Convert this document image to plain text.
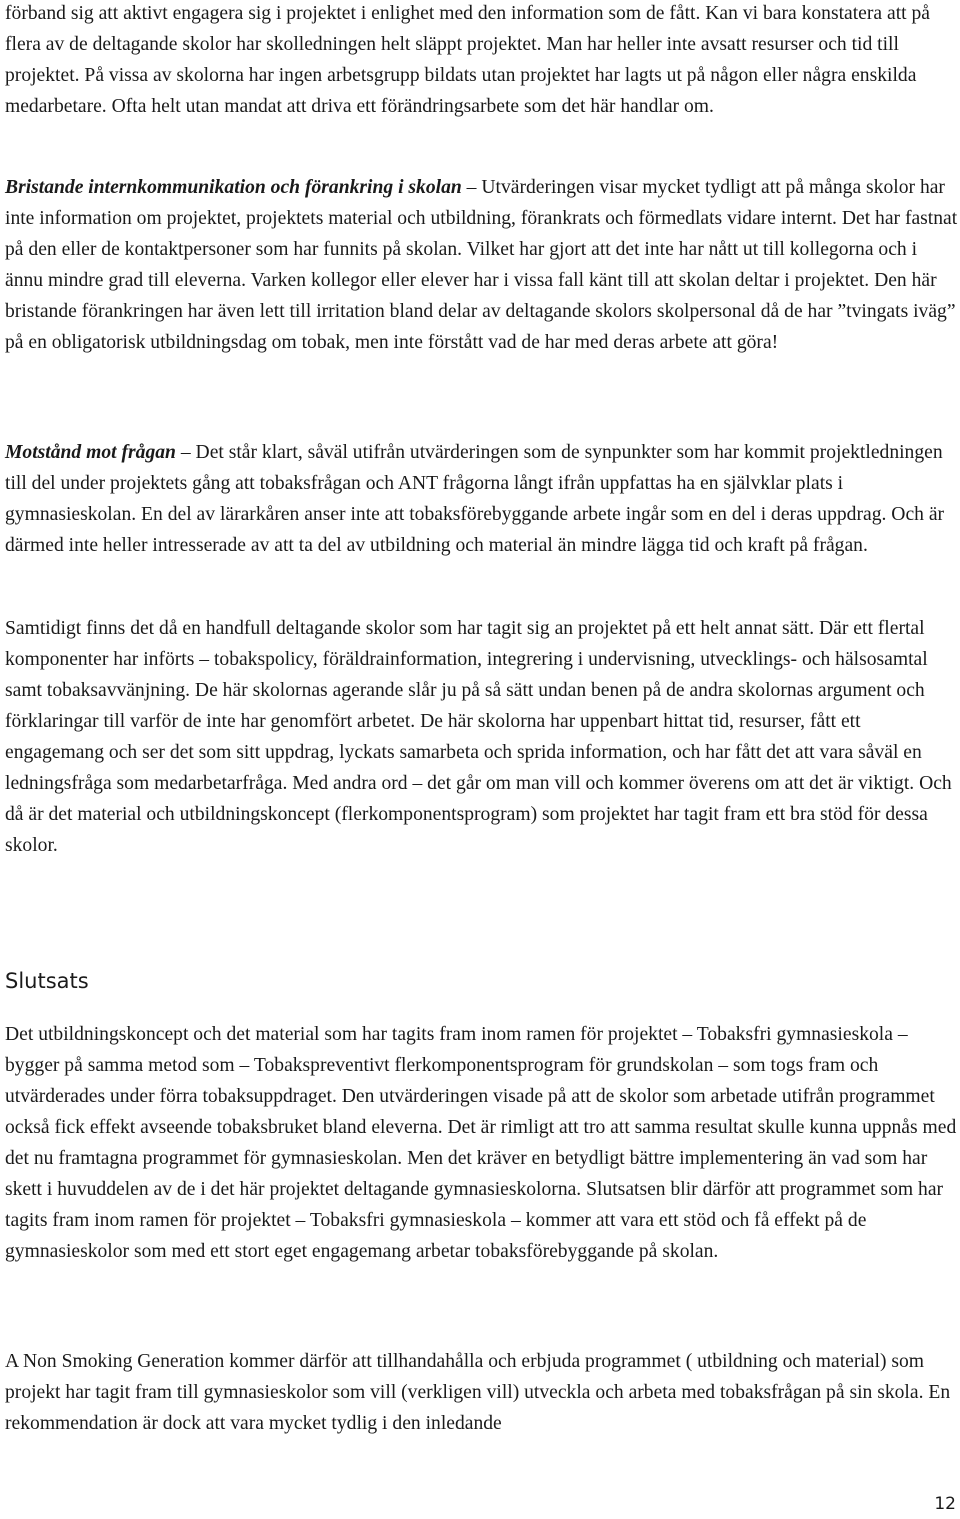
förband sig att aktivt engagera sig i projektet i enlighet med den information som de fått. Kan vi bara konstatera att på flera av de deltagande skolor har skolledningen helt släppt projektet. Man har heller inte avsatt resurser och tid till projektet. På vissa av skolorna har ingen arbetsgrupp bildats utan projektet har lagts ut på någon eller några enskilda medarbetare. Ofta helt utan mandat att driva ett förändringsarbete som det här handlar om.

Bristande internkommunikation och förankring i skolan – Utvärderingen visar mycket tydligt att på många skolor har inte information om projektet, projektets material och utbildning, förankrats och förmedlats vidare internt. Det har fastnat på den eller de kontaktpersoner som har funnits på skolan. Vilket har gjort att det inte har nått ut till kollegorna och i ännu mindre grad till eleverna. Varken kollegor eller elever har i vissa fall känt till att skolan deltar i projektet. Den här bristande förankringen har även lett till irritation bland delar av deltagande skolors skolpersonal då de har ”tvingats iväg” på en obligatorisk utbildningsdag om tobak, men inte förstått vad de har med deras arbete att göra!

Motstånd mot frågan – Det står klart, såväl utifrån utvärderingen som de synpunkter som har kommit projektledningen till del under projektets gång att tobaksfrågan och ANT frågorna långt ifrån uppfattas ha en självklar plats i gymnasieskolan. En del av lärarkåren anser inte att tobaksförebyggande arbete ingår som en del i deras uppdrag. Och är därmed inte heller intresserade av att ta del av utbildning och material än mindre lägga tid och kraft på frågan.

Samtidigt finns det då en handfull deltagande skolor som har tagit sig an projektet på ett helt annat sätt. Där ett flertal komponenter har införts – tobakspolicy, föräldrainformation, integrering i undervisning, utvecklings- och hälsosamtal samt tobaksavvänjning. De här skolornas agerande slår ju på så sätt undan benen på de andra skolornas argument och förklaringar till varför de inte har genomfört arbetet. De här skolorna har uppenbart hittat tid, resurser, fått ett engagemang och ser det som sitt uppdrag, lyckats samarbeta och sprida information, och har fått det att vara såväl en ledningsfråga som medarbetarfråga. Med andra ord – det går om man vill och kommer överens om att det är viktigt. Och då är det material och utbildningskoncept (flerkomponentsprogram) som projektet har tagit fram ett bra stöd för dessa skolor.

Slutsats

Det utbildningskoncept och det material som har tagits fram inom ramen för projektet – Tobaksfri gymnasieskola – bygger på samma metod som – Tobakspreventivt flerkomponentsprogram för grundskolan – som togs fram och utvärderades under förra tobaksuppdraget. Den utvärderingen visade på att de skolor som arbetade utifrån programmet också fick effekt avseende tobaksbruket bland eleverna. Det är rimligt att tro att samma resultat skulle kunna uppnås med det nu framtagna programmet för gymnasieskolan. Men det kräver en betydligt bättre implementering än vad som har skett i huvuddelen av de i det här projektet deltagande gymnasieskolorna. Slutsatsen blir därför att programmet som har tagits fram inom ramen för projektet – Tobaksfri gymnasieskola – kommer att vara ett stöd och få effekt på de gymnasieskolor som med ett stort eget engagemang arbetar tobaksförebyggande på skolan.

A Non Smoking Generation kommer därför att tillhandahålla och erbjuda programmet ( utbildning och material) som projekt har tagit fram till gymnasieskolor som vill (verkligen vill) utveckla och arbeta med tobaksfrågan på sin skola. En rekommendation är dock att vara mycket tydlig i den inledande

12
